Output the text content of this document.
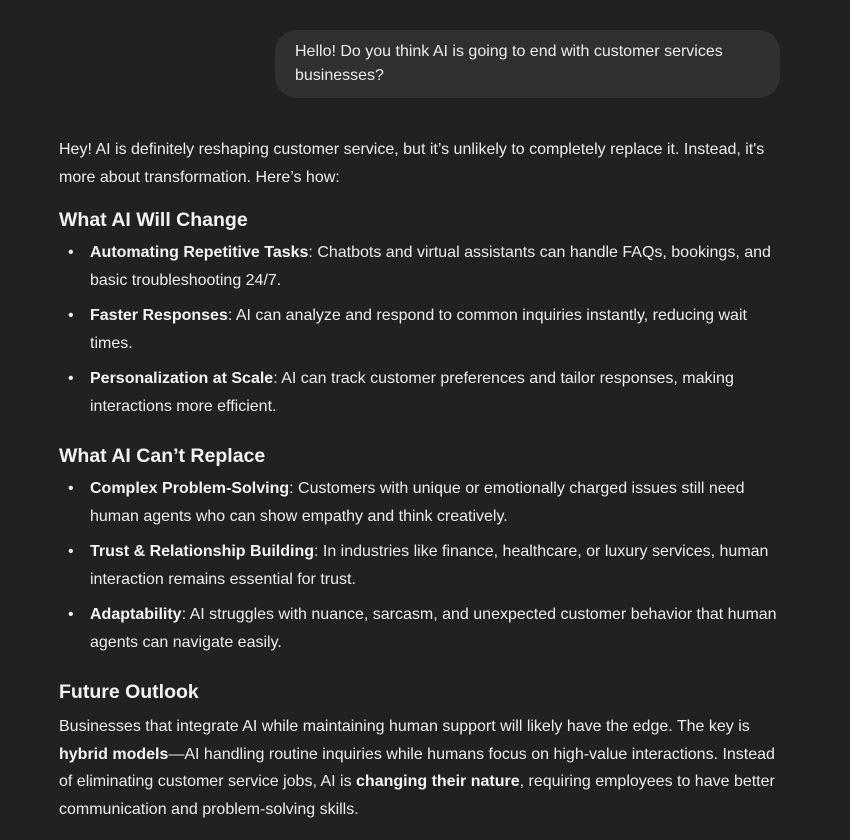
Hello! Do you think AI is going to end with customer services businesses?

Hey! AI is definitely reshaping customer service, but it’s unlikely to completely replace it. Instead, it's more about transformation. Here’s how:

What AI Will Change
• Automating Repetitive Tasks: Chatbots and virtual assistants can handle FAQs, bookings, and basic troubleshooting 24/7.
• Faster Responses: AI can analyze and respond to common inquiries instantly, reducing wait times.
• Personalization at Scale: AI can track customer preferences and tailor responses, making interactions more efficient.
What AI Can’t Replace
• Complex Problem-Solving: Customers with unique or emotionally charged issues still need human agents who can show empathy and think creatively.
• Trust & Relationship Building: In industries like finance, healthcare, or luxury services, human interaction remains essential for trust.
• Adaptability: AI struggles with nuance, sarcasm, and unexpected customer behavior that human agents can navigate easily.
Future Outlook

Businesses that integrate AI while maintaining human support will likely have the edge. The key is hybrid models—AI handling routine inquiries while humans focus on high-value interactions. Instead of eliminating customer service jobs, AI is changing their nature, requiring employees to have better communication and problem-solving skills.
